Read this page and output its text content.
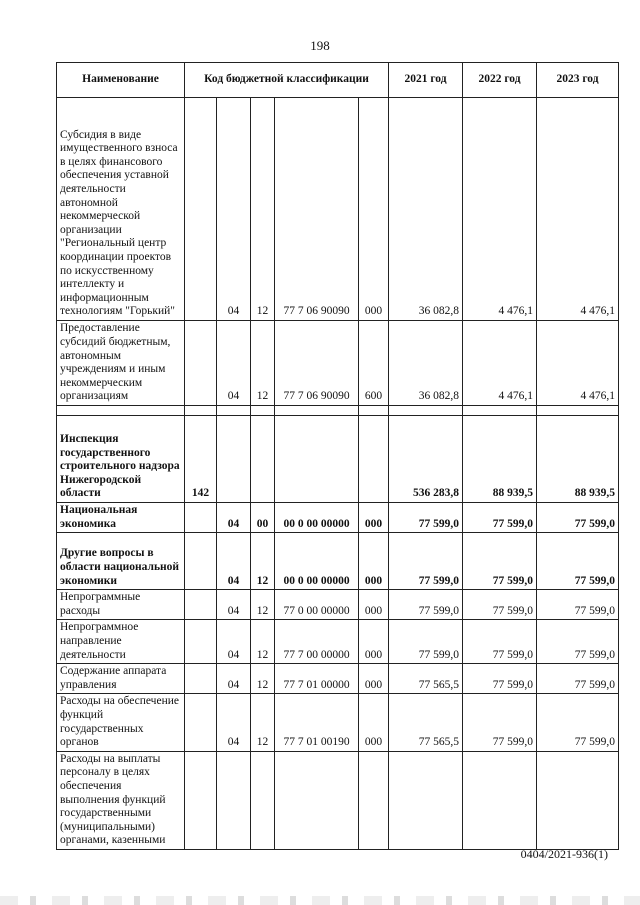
198
Наименование	Код бюджетной классификации					2021 год	2022 год	2023 год
Субсидия в виде имущественного взноса в целях финансового обеспечения уставной деятельности автономной некоммерческой организации "Региональный центр координации проектов по искусственному интеллекту и информационным технологиям "Горький"		04	12	77 7 06 90090	000	36 082,8	4 476,1	4 476,1
Предоставление субсидий бюджетным, автономным учреждениям и иным некоммерческим организациям		04	12	77 7 06 90090	600	36 082,8	4 476,1	4 476,1

Инспекция государственного строительного надзора Нижегородской области	142					536 283,8	88 939,5	88 939,5
Национальная экономика		04	00	00 0 00 00000	000	77 599,0	77 599,0	77 599,0
Другие вопросы в области национальной экономики		04	12	00 0 00 00000	000	77 599,0	77 599,0	77 599,0
Непрограммные расходы		04	12	77 0 00 00000	000	77 599,0	77 599,0	77 599,0
Непрограммное направление деятельности		04	12	77 7 00 00000	000	77 599,0	77 599,0	77 599,0
Содержание аппарата управления		04	12	77 7 01 00000	000	77 565,5	77 599,0	77 599,0
Расходы на обеспечение функций государственных органов		04	12	77 7 01 00190	000	77 565,5	77 599,0	77 599,0
Расходы на выплаты персоналу в целях обеспечения выполнения функций государственными (муниципальными) органами, казенными								
0404/2021-936(1)
